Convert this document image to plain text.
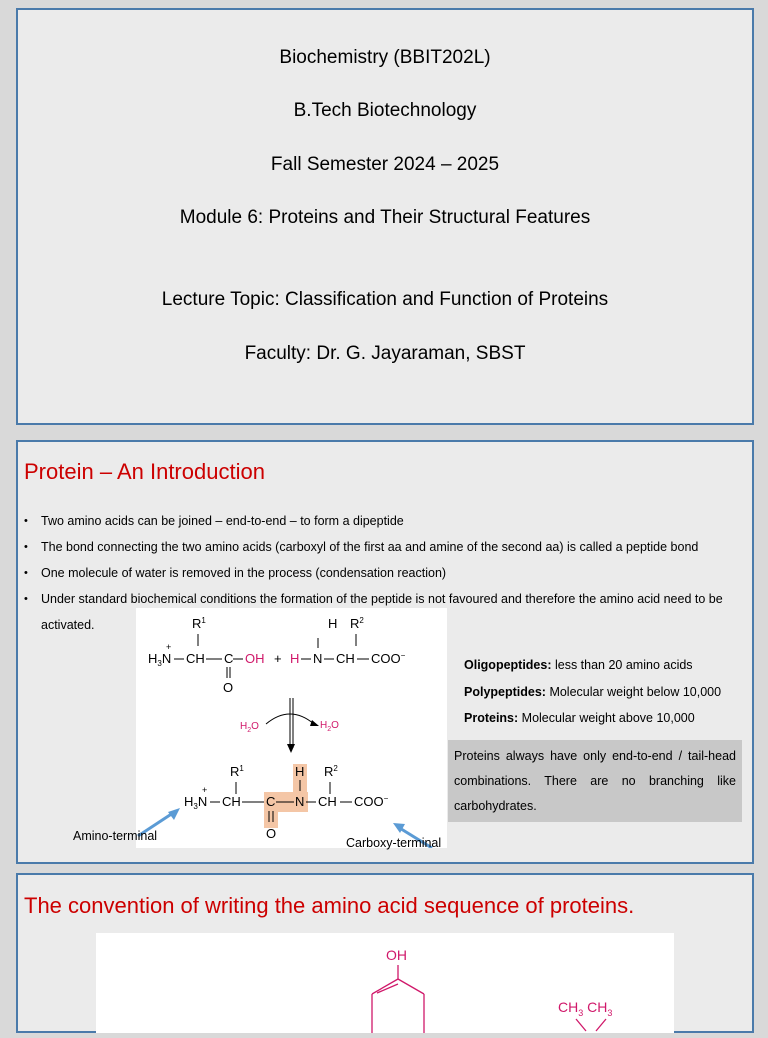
Biochemistry (BBIT202L)
B.Tech Biotechnology
Fall Semester 2024 – 2025
Module 6: Proteins and Their Structural Features
Lecture Topic: Classification and Function of Proteins
Faculty: Dr. G. Jayaraman, SBST
Protein – An Introduction
• Two amino acids can be joined – end-to-end – to form a dipeptide
• The bond connecting the two amino acids (carboxyl of the first aa and amine of the second aa) is called a peptide bond
• One molecule of water is removed in the process (condensation reaction)
• Under standard biochemical conditions the formation of the peptide is not favoured and therefore the amino acid need to be activated.	$R^1$
$H_3N$
+
CH C OH
O
+ H N
H
CH
$R^2$
COO−
$H_2O$	$H_2O$
$R^1$
$H_3N$
+
CH C N
H
O
CH
$R^2$
COO−
Amino-terminal	Carboxy-terminal
Oligopeptides: less than 20 amino acids
Polypeptides: Molecular weight below 10,000
Proteins: Molecular weight above 10,000
Proteins always have only end-to-end / tail-head combinations. There are no branching like carbohydrates.
The convention of writing the amino acid sequence of proteins.
OH
$CH_3$ $CH_3$
